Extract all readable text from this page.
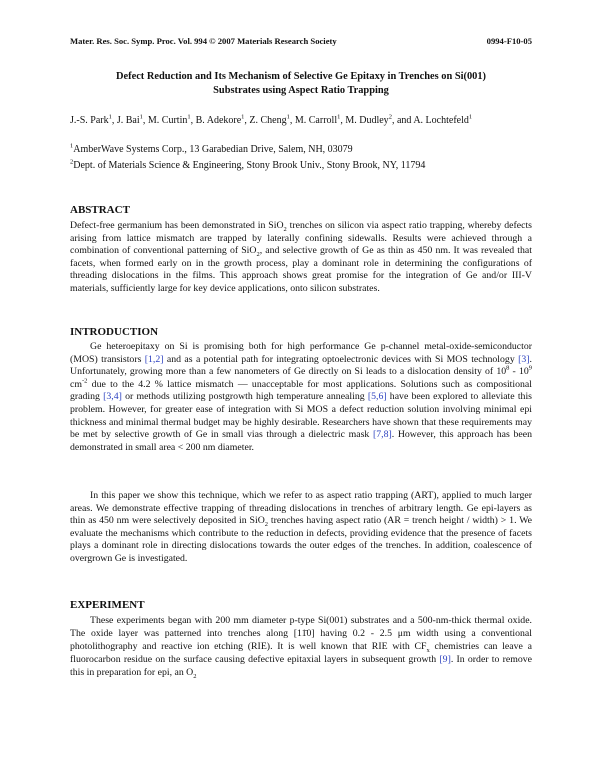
Mater. Res. Soc. Symp. Proc. Vol. 994 © 2007 Materials Research Society	0994-F10-05
Defect Reduction and Its Mechanism of Selective Ge Epitaxy in Trenches on Si(001)
Substrates using Aspect Ratio Trapping
J.-S. Park$^1$, J. Bai$^1$, M. Curtin$^1$, B. Adekore$^1$, Z. Cheng$^1$, M. Carroll$^1$, M. Dudley$^2$, and A. Lochtefeld$^1$
$^1$AmberWave Systems Corp., 13 Garabedian Drive, Salem, NH, 03079
$^2$Dept. of Materials Science & Engineering, Stony Brook Univ., Stony Brook, NY, 11794
ABSTRACT
Defect-free germanium has been demonstrated in SiO$_2$ trenches on silicon via aspect ratio trapping, whereby defects arising from lattice mismatch are trapped by laterally confining sidewalls. Results were achieved through a combination of conventional patterning of SiO$_2$, and selective growth of Ge as thin as 450 nm. It was revealed that facets, when formed early on in the growth process, play a dominant role in determining the configurations of threading dislocations in the films. This approach shows great promise for the integration of Ge and/or III-V materials, sufficiently large for key device applications, onto silicon substrates.
INTRODUCTION
Ge heteroepitaxy on Si is promising both for high performance Ge p-channel metal-oxide-semiconductor (MOS) transistors [1,2] and as a potential path for integrating optoelectronic devices with Si MOS technology [3]. Unfortunately, growing more than a few nanometers of Ge directly on Si leads to a dislocation density of $10^8 - 10^9$ $cm^{-2}$ due to the 4.2 % lattice mismatch — unacceptable for most applications. Solutions such as compositional grading [3,4] or methods utilizing postgrowth high temperature annealing [5,6] have been explored to alleviate this problem. However, for greater ease of integration with Si MOS a defect reduction solution involving minimal epi thickness and minimal thermal budget may be highly desirable. Researchers have shown that these requirements may be met by selective growth of Ge in small vias through a dielectric mask [7,8]. However, this approach has been demonstrated in small area < 200 nm diameter.
In this paper we show this technique, which we refer to as aspect ratio trapping (ART), applied to much larger areas. We demonstrate effective trapping of threading dislocations in trenches of arbitrary length. Ge epi-layers as thin as 450 nm were selectively deposited in SiO$_2$ trenches having aspect ratio (AR = trench height / width) > 1. We evaluate the mechanisms which contribute to the reduction in defects, providing evidence that the presence of facets plays a dominant role in directing dislocations towards the outer edges of the trenches. In addition, coalescence of overgrown Ge is investigated.
EXPERIMENT
These experiments began with 200 mm diameter p-type Si(001) substrates and a 500-nm-thick thermal oxide. The oxide layer was patterned into trenches along [11̄0] having 0.2 - 2.5 μm width using a conventional photolithography and reactive ion etching (RIE). It is well known that RIE with $CF_x$ chemistries can leave a fluorocarbon residue on the surface causing defective epitaxial layers in subsequent growth [9]. In order to remove this in preparation for epi, an $O_2$
